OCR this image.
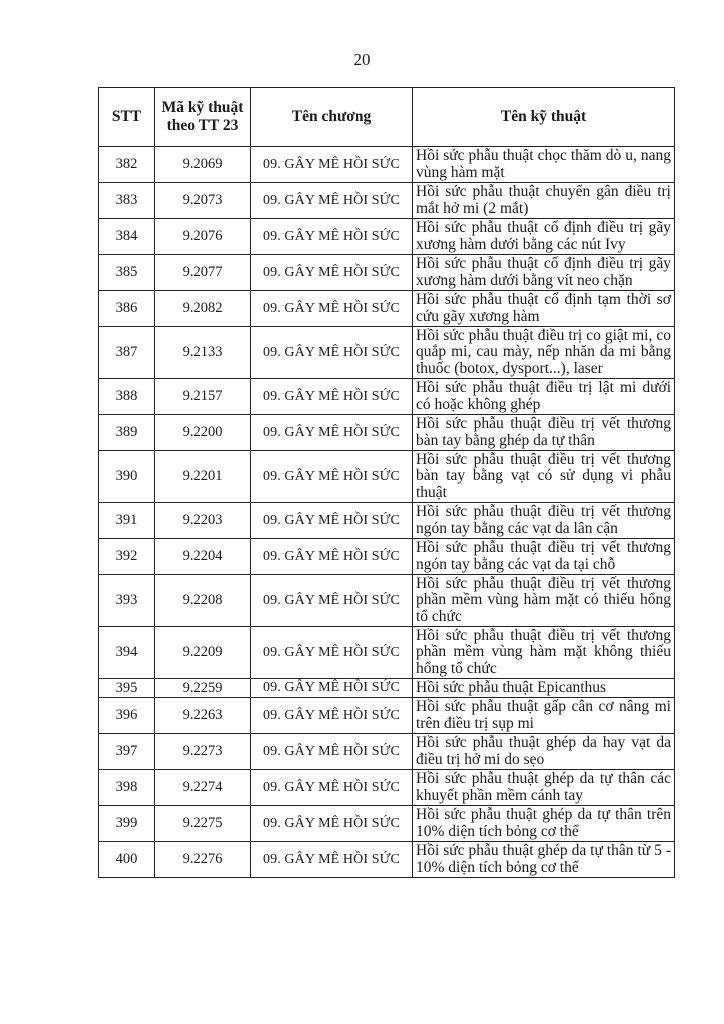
20
STT	Mã kỹ thuật theo TT 23	Tên chương	Tên kỹ thuật
382	9.2069	09. GÂY MÊ HỒI SỨC	Hồi sức phẫu thuật chọc thăm dò u, nang vùng hàm mặt
383	9.2073	09. GÂY MÊ HỒI SỨC	Hồi sức phẫu thuật chuyển gân điều trị mắt hở mi (2 mắt)
384	9.2076	09. GÂY MÊ HỒI SỨC	Hồi sức phẫu thuật cố định điều trị gãy xương hàm dưới bằng các nút Ivy
385	9.2077	09. GÂY MÊ HỒI SỨC	Hồi sức phẫu thuật cố định điều trị gãy xương hàm dưới bằng vít neo chặn
386	9.2082	09. GÂY MÊ HỒI SỨC	Hồi sức phẫu thuật cố định tạm thời sơ cứu gãy xương hàm
387	9.2133	09. GÂY MÊ HỒI SỨC	Hồi sức phẫu thuật điều trị co giật mi, co quắp mi, cau mày, nếp nhăn da mi bằng thuốc (botox, dysport...), laser
388	9.2157	09. GÂY MÊ HỒI SỨC	Hồi sức phẫu thuật điều trị lật mi dưới có hoặc không ghép
389	9.2200	09. GÂY MÊ HỒI SỨC	Hồi sức phẫu thuật điều trị vết thương bàn tay bằng ghép da tự thân
390	9.2201	09. GÂY MÊ HỒI SỨC	Hồi sức phẫu thuật điều trị vết thương bàn tay bằng vạt có sử dụng vi phẫu thuật
391	9.2203	09. GÂY MÊ HỒI SỨC	Hồi sức phẫu thuật điều trị vết thương ngón tay bằng các vạt da lân cận
392	9.2204	09. GÂY MÊ HỒI SỨC	Hồi sức phẫu thuật điều trị vết thương ngón tay bằng các vạt da tại chỗ
393	9.2208	09. GÂY MÊ HỒI SỨC	Hồi sức phẫu thuật điều trị vết thương phần mềm vùng hàm mặt có thiếu hổng tổ chức
394	9.2209	09. GÂY MÊ HỒI SỨC	Hồi sức phẫu thuật điều trị vết thương phần mềm vùng hàm mặt không thiếu hổng tổ chức
395	9.2259	09. GÂY MÊ HỒI SỨC	Hồi sức phẫu thuật Epicanthus
396	9.2263	09. GÂY MÊ HỒI SỨC	Hồi sức phẫu thuật gấp cân cơ nâng mi trên điều trị sụp mi
397	9.2273	09. GÂY MÊ HỒI SỨC	Hồi sức phẫu thuật ghép da hay vạt da điều trị hở mi do sẹo
398	9.2274	09. GÂY MÊ HỒI SỨC	Hồi sức phẫu thuật ghép da tự thân các khuyết phần mềm cánh tay
399	9.2275	09. GÂY MÊ HỒI SỨC	Hồi sức phẫu thuật ghép da tự thân trên 10% diện tích bỏng cơ thể
400	9.2276	09. GÂY MÊ HỒI SỨC	Hồi sức phẫu thuật ghép da tự thân từ 5 - 10% diện tích bỏng cơ thể
